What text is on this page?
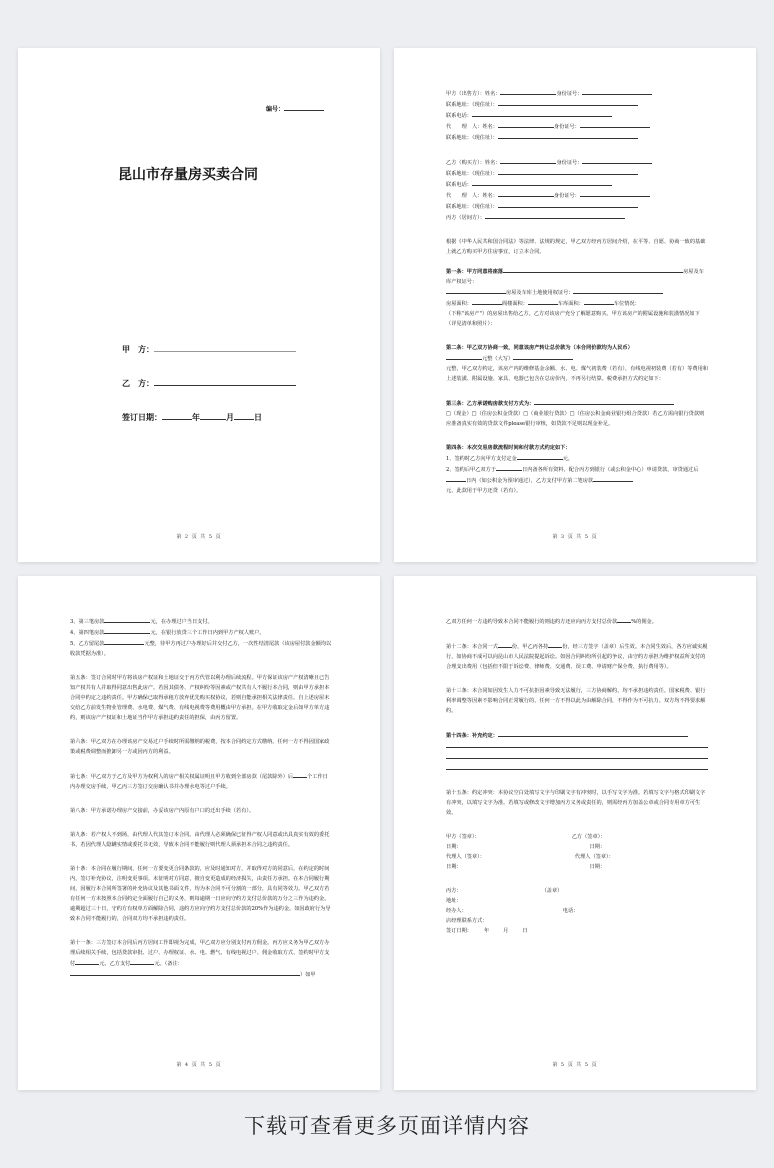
编号：
昆山市存量房买卖合同
甲　方：
乙　方：
签订日期：	年	月	日
第 2 页 共 5 页

甲方（出售方）：姓名：	身份证号：

联系地址：（现住址）：

联系电话：

代　　理　人：姓名：	身份证号：

联系地址：（现住址）：

乙方（购买方）：姓名：	身份证号：

联系地址：（现住址）：

联系电话：

代　　理　人：姓名：	身份证号：

联系地址：（现住址）：

丙方（居间方）：

根据《中华人民共和国合同法》等法律、法规的规定，甲乙双方经丙方居间介绍，在平等、自愿、协商一致的基础上就乙方购买甲方住房事宜，订立本合同。

第一条：甲方同意将座落	房屋及车库产权证号：

房屋及车库土地使用权证号：

房屋面积：	阁楼面积：	车库面积：	车位情况：

（下称"该房产"）的房屋出售给乙方。乙方对该房产充分了解愿意购买。甲方该房产的附属设施和装潢情况如下（详见清单和照片）：

第二条：甲乙双方协商一致，同意该房产转让总价款为（本合同价款均为人民币）

元整（大写）

元整，甲乙双方约定，该房产内的维修基金余额、水、电、煤气初装费（若有），有线电视初装费（若有）等费用和上述装潢、附属设施、家具、电器已包含在总房价内，不再另行结算。税费承担方式约定如下：

第三条：乙方承诺购房款支付方式为：

□（现金）□（住房公积金贷款）□（商业银行贷款）□（住房公积金商业银行组合贷款）若乙方需向银行贷款则应准备真实有效的贷款文件please银行审核，如贷款不足则以现金补足。

第四条：本次交易房款流程时间和付款方式约定如下：

1、签约时乙方向甲方支付定金	元，

2、签约后甲乙双方于	日内备各所有资料，配合丙方到银行（或公积金中心）申请贷款，审贷通过后

日内（如公积金为预审通过），乙方支付甲方第二笔房款

元，此款用于甲方还贷（若有）。

第 3 页 共 5 页

3、第三笔房款	元，在办理过户当日支付。

4、第四笔房款	元，在银行放贷三个工作日内到甲方产权人账户。

5、乙方留尾款	元整，待甲方再过户办理好后并交付乙方，一次性结清尾款（该房屋付款金额均以收款凭据为准）。

第五条：签订合同时甲方将该房产权证和土地证交于丙方代管以利办理后续流程。甲方保证该房产产权清晰且已告知产权共有人并取得同意出售此房产。若因其债务、产权纠纷等因素或产权共有人不履行本合同，则由甲方承担本合同中约定之违约责任。甲方确保已取得承租方放弃优先购买权协议，若则自能承担相关法律责任。自上述房屋未交给乙方前发生物业管理费、水电费、煤气费、有线电视费等费用概由甲方承担。在甲方收取定金后如甲方单方违约，则该房产产权证和土地证当作甲方承担违约责任的担保，由丙方留置。

第六条：甲乙双方在办理该房产交易过户手续时所需缴纳的税费，按本合同约定方式缴纳。任何一方不得因国家政策或税费调整而推卸另一方或因丙方的利益。

第七条：甲乙双方于乙方及甲方为权利人的房产相关权属证明且甲方收到全部房款（尾款除外）后	个工作日内办理交房手续，甲乙丙三方签订交房确认书并办理水电等过户手续。

第八条：甲方承诺办理房产交接前，办妥该房产内原有户口的迁出手续（若有）。

第九条：若产权人不到场，由代理人代其签订本合同。由代理人必须确保已征得产权人同意或出具真实有效的委托书，若因代理人隐瞒实情或委托书无效，导致本合同不能履行则代理人须承担本合同之违约责任。

第十条：本合同在履行期间，任何一方要变更合同条款的，应及时通知对方，并取得对方的同意后，在约定的时间内，签订补充协议，注明变更事项。未征明对方同意，擅自变更造成的经济损失，由责任方承担。在本合同履行期间，因履行本合同所签署的补充协议及其他书面文件，均为本合同不可分割的一部分，具有同等效力。甲乙双方若有任何一方未按照本合同约定全面履行自己的义务，则每逾期一日应向守约方支付总价款的万分之三作为违约金。逾期超过三十日，守约方有权单方面解除合同，违约方应向守约方支付总价款的20%作为违约金。如因政府行为导致本合同不能履行的，合同双方均不承担违约责任。

第十一条：三方签订本合同后丙方居间工作即视为完成，甲乙双方应分别支付丙方佣金。丙方应义务为甲乙双方办理后续相关手续，包括贷款审批、过户、办理权证、水、电、燃气、有线电视过户、佣金收取方式、签约时甲方支付	元，乙方支付	元。（备注：

）如甲

第 4 页 共 5 页

乙双方任何一方违约导致本合同不能履行的则违约方还应向丙方支付总价款	%的佣金。

第十二条：本合同一式	份，甲乙丙各持	份，经三方签字（盖章）后生效。本合同生效后，各方应诚实履行，如协商不成可以向昆山市人民法院提起诉讼。如因合同纠纷所引起的争议，由守约方承担为维护权益所支付的合理支出费用（包括但不限于诉讼费、律师费、交通费、误工费、申请财产保全费、执行费用等）。

第十三条：本合同如因发生人力不可抗拒因素导致无法履行，三方协商解约，均不承担违约责任。国家税费、银行利率调整等因素不影响合同正常履行的，任何一方不得以此为由解除合同，不得作为不可抗力。双方均不得要求解约。

第十四条：补充约定：

第十五条：约定冲突：本协议空白处填写文字与印刷文字有冲突时，以手写文字为准。若填写文字与格式印刷文字有冲突，以填写文字为准。若填写或修改文字增加丙方义务或责任的，则需经丙方加盖公章或合同专用章方可生效。

甲方（签章）：	乙方（签章）：

日期：	日期：

代理人（签章）：	代理人（签章）：

日期：	日期：

丙方：	（盖章）

地址：

经办人：	电话：

店经理联系方式：

签订日期： 年	月	日

第 5 页 共 5 页
下载可查看更多页面详情内容
